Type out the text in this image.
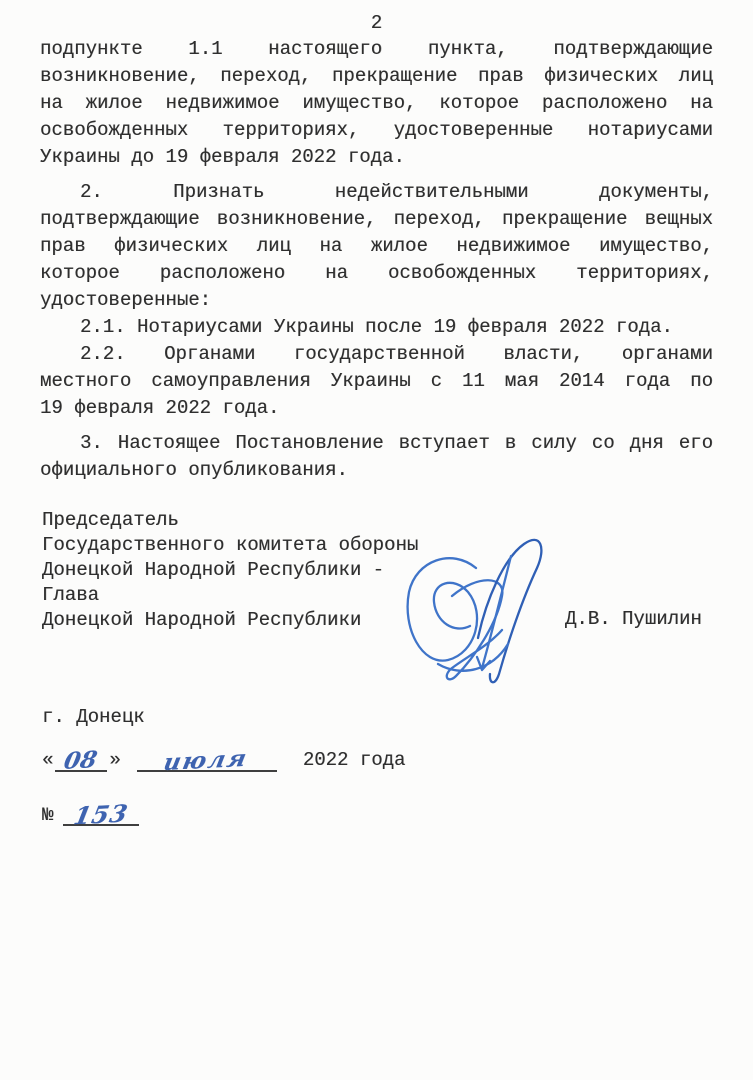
2

подпункте 1.1 настоящего пункта, подтверждающие
возникновение, переход, прекращение прав физических лиц
на жилое недвижимое имущество, которое расположено на
освобожденных территориях, удостоверенные нотариусами
Украины до 19 февраля 2022 года.

2. Признать недействительными документы,
подтверждающие возникновение, переход, прекращение вещных
прав физических лиц на жилое недвижимое имущество,
которое расположено на освобожденных территориях,
удостоверенные:

2.1. Нотариусами Украины после 19 февраля 2022 года.

2.2. Органами государственной власти, органами
местного самоуправления Украины с 11 мая 2014 года по
19 февраля 2022 года.

3. Настоящее Постановление вступает в силу со дня его
официального опубликования.

Председатель
Государственного комитета обороны
Донецкой Народной Республики -
Глава
Донецкой Народной Республики	Д.В. Пушилин
г. Донецк
« 08 » июля	2022 года
№ 153
